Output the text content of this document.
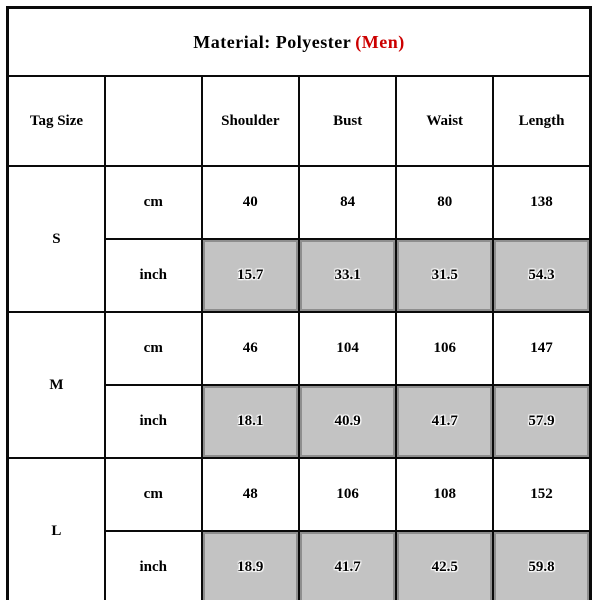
Material: Polyester (Men)					
Tag Size		Shoulder	Bust	Waist	Length
S	cm	40	84	80	138
	inch	15.7	33.1	31.5	54.3

M	cm	46	104	106	147
	inch	18.1	40.9	41.7	57.9

L	cm	48	106	108	152
	inch	18.9	41.7	42.5	59.8
